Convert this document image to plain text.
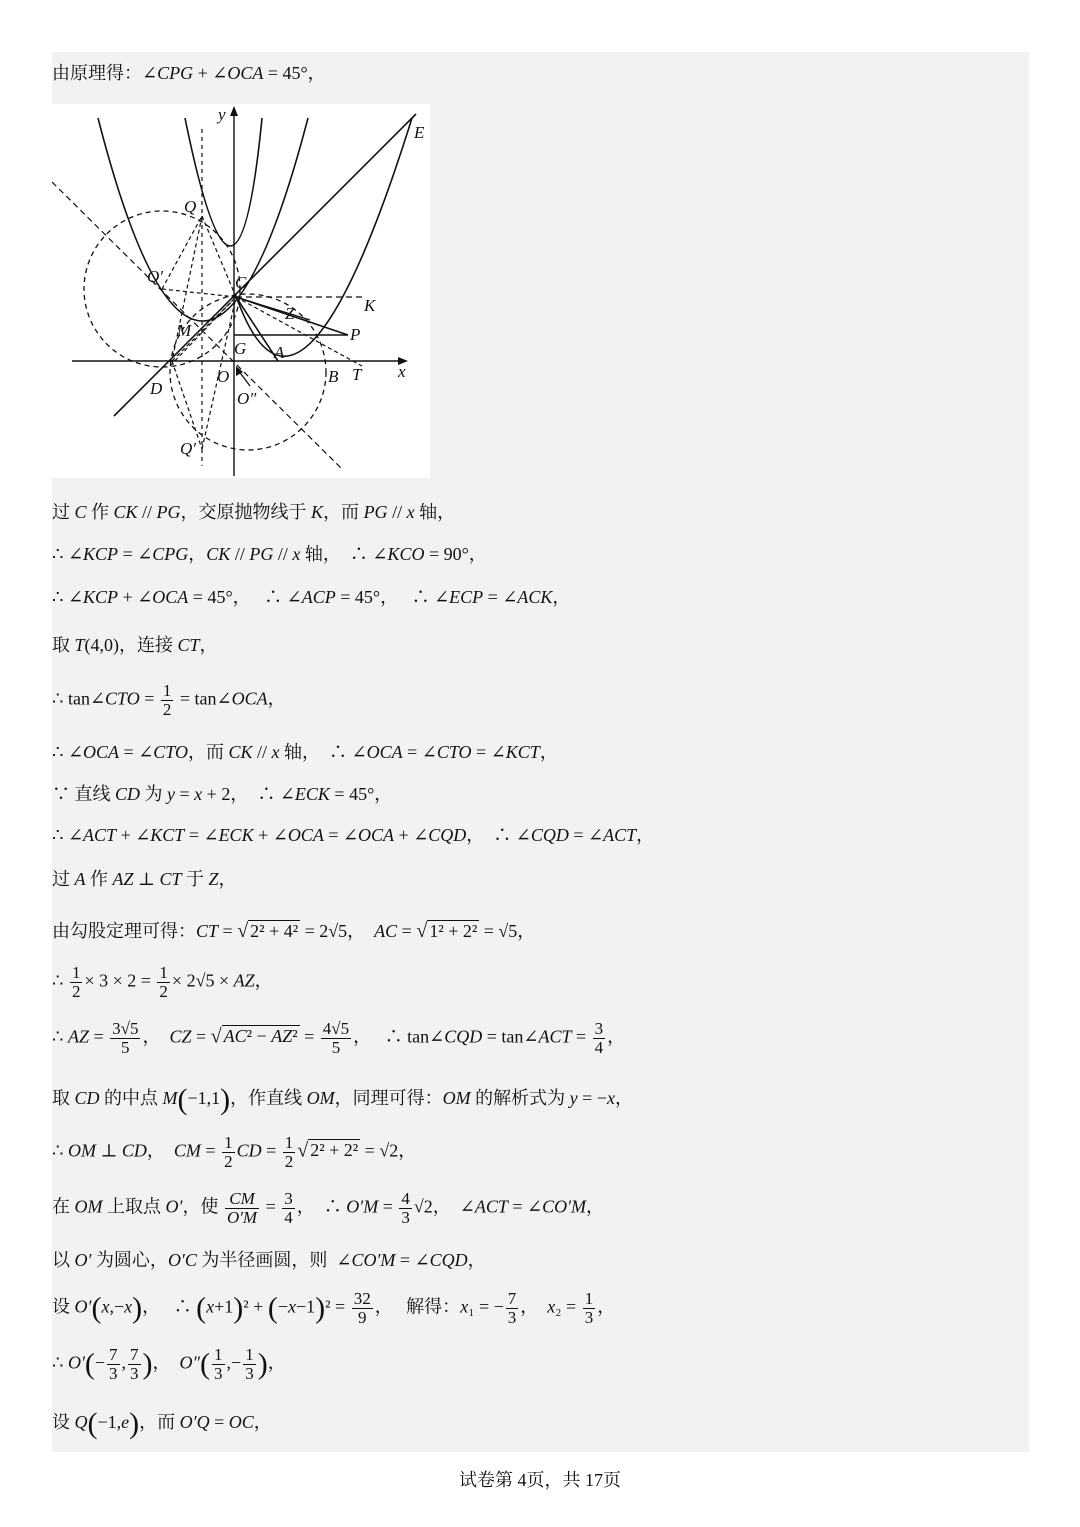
由原理得：∠CPG + ∠OCA = 45°，
y
x
E
Q
Q′	C
K
M
Z
P
G A
D
O	B T
O″
Q′
过 C 作 CK // PG，交原抛物线于 K，而 PG // x 轴，
∴ ∠KCP = ∠CPG，CK // PG // x 轴，  ∴ ∠KCO = 90°，
∴ ∠KCP + ∠OCA = 45°，   ∴ ∠ACP = 45°，   ∴ ∠ECP = ∠ACK，
取 T(4,0)，连接 CT，
∴ tan∠CTO = $\frac{1}{2}$ = tan∠OCA，
∴ ∠OCA = ∠CTO，而 CK // x 轴，  ∴ ∠OCA = ∠CTO = ∠KCT，
∵ 直线 CD 为 y = x + 2，  ∴ ∠ECK = 45°，
∴ ∠ACT + ∠KCT = ∠ECK + ∠OCA = ∠OCA + ∠CQD，  ∴ ∠CQD = ∠ACT，
过 A 作 AZ ⊥ CT 于 Z，
由勾股定理可得：CT = √ 2² + 4² = 2√5，  AC = √ 1² + 2² = √5，
∴ $\frac{1}{2} \times 3 \times 2 = \frac{1}{2} \times 2√5$ × AZ，
∴ AZ = $\frac{3√5}{5}$ ，  CZ = √ $AC^2 - AZ^2 = \frac{4√5}{5}$ ，   ∴ tan∠CQD = tan∠ACT = $\frac{3}{4}$ ，
取 CD 的中点 M(−1,1)，作直线 OM，同理可得：OM 的解析式为 y = −x，
∴ OM ⊥ CD，  CM = $\frac{1}{2}$ CD = $\frac{1}{2}$ √ 2² + 2² = √2，
在 OM 上取点 O′，使 $\frac{CM}{O'M} = \frac{3}{4}$ ，  ∴ $O'M = \frac{4}{3} √2$，  ∠ACT = ∠CO′M，
以 O′ 为圆心，O′C 为半径画圆，则  ∠CO′M = ∠CQD，
设 O′(x,−x)，   ∴ $(x+1)^2 + (-x-1)^2 = \frac{32}{9}$ ，   解得：x₁ = − $\frac{7}{3}$ ，  $x_2 = \frac{1}{3}$ ，
∴ $O'(- \frac{7}{3}$ , $\frac{7}{3}$ )，  $O''( \frac{1}{3}$ ,− $\frac{1}{3}$ )，
设 Q(−1,e)，而 O′Q = OC，
试卷第 4页，共 17页
